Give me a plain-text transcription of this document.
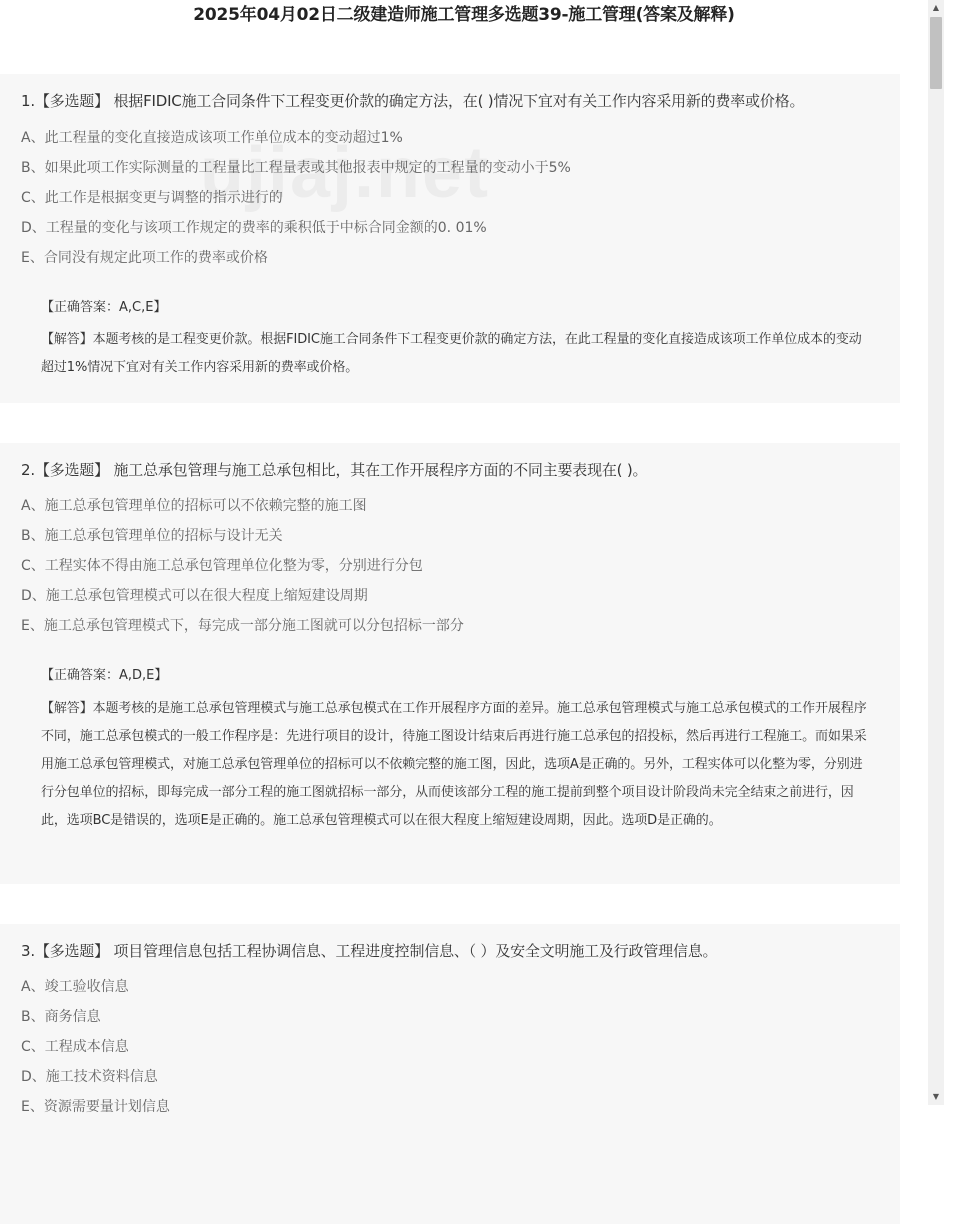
2025年04月02日二级建造师施工管理多选题39-施工管理(答案及解释)
1.【多选题】 根据FIDIC施工合同条件下工程变更价款的确定方法，在( )情况下宜对有关工作内容采用新的费率或价格。
A、此工程量的变化直接造成该项工作单位成本的变动超过1%
B、如果此项工作实际测量的工程量比工程量表或其他报表中规定的工程量的变动小于5%
C、此工作是根据变更与调整的指示进行的
D、工程量的变化与该项工作规定的费率的乘积低于中标合同金额的0. 01%
E、合同没有规定此项工作的费率或价格
【正确答案：A,C,E】
【解答】本题考核的是工程变更价款。根据FIDIC施工合同条件下工程变更价款的确定方法，在此工程量的变化直接造成该项工作单位成本的变动超过1%情况下宜对有关工作内容采用新的费率或价格。
2.【多选题】 施工总承包管理与施工总承包相比，其在工作开展程序方面的不同主要表现在( )。
A、施工总承包管理单位的招标可以不依赖完整的施工图
B、施工总承包管理单位的招标与设计无关
C、工程实体不得由施工总承包管理单位化整为零，分别进行分包
D、施工总承包管理模式可以在很大程度上缩短建设周期
E、施工总承包管理模式下，每完成一部分施工图就可以分包招标一部分
【正确答案：A,D,E】
【解答】本题考核的是施工总承包管理模式与施工总承包模式在工作开展程序方面的差异。施工总承包管理模式与施工总承包模式的工作开展程序不同，施工总承包模式的一般工作程序是：先进行项目的设计，待施工图设计结束后再进行施工总承包的招投标，然后再进行工程施工。而如果采用施工总承包管理模式，对施工总承包管理单位的招标可以不依赖完整的施工图，因此，选项A是正确的。另外，工程实体可以化整为零，分别进行分包单位的招标，即每完成一部分工程的施工图就招标一部分，从而使该部分工程的施工提前到整个项目设计阶段尚未完全结束之前进行，因此，选项BC是错误的，选项E是正确的。施工总承包管理模式可以在很大程度上缩短建设周期，因此。选项D是正确的。
3.【多选题】 项目管理信息包括工程协调信息、工程进度控制信息、（ ）及安全文明施工及行政管理信息。
A、竣工验收信息
B、商务信息
C、工程成本信息
D、施工技术资料信息
E、资源需要量计划信息
▲
▼
